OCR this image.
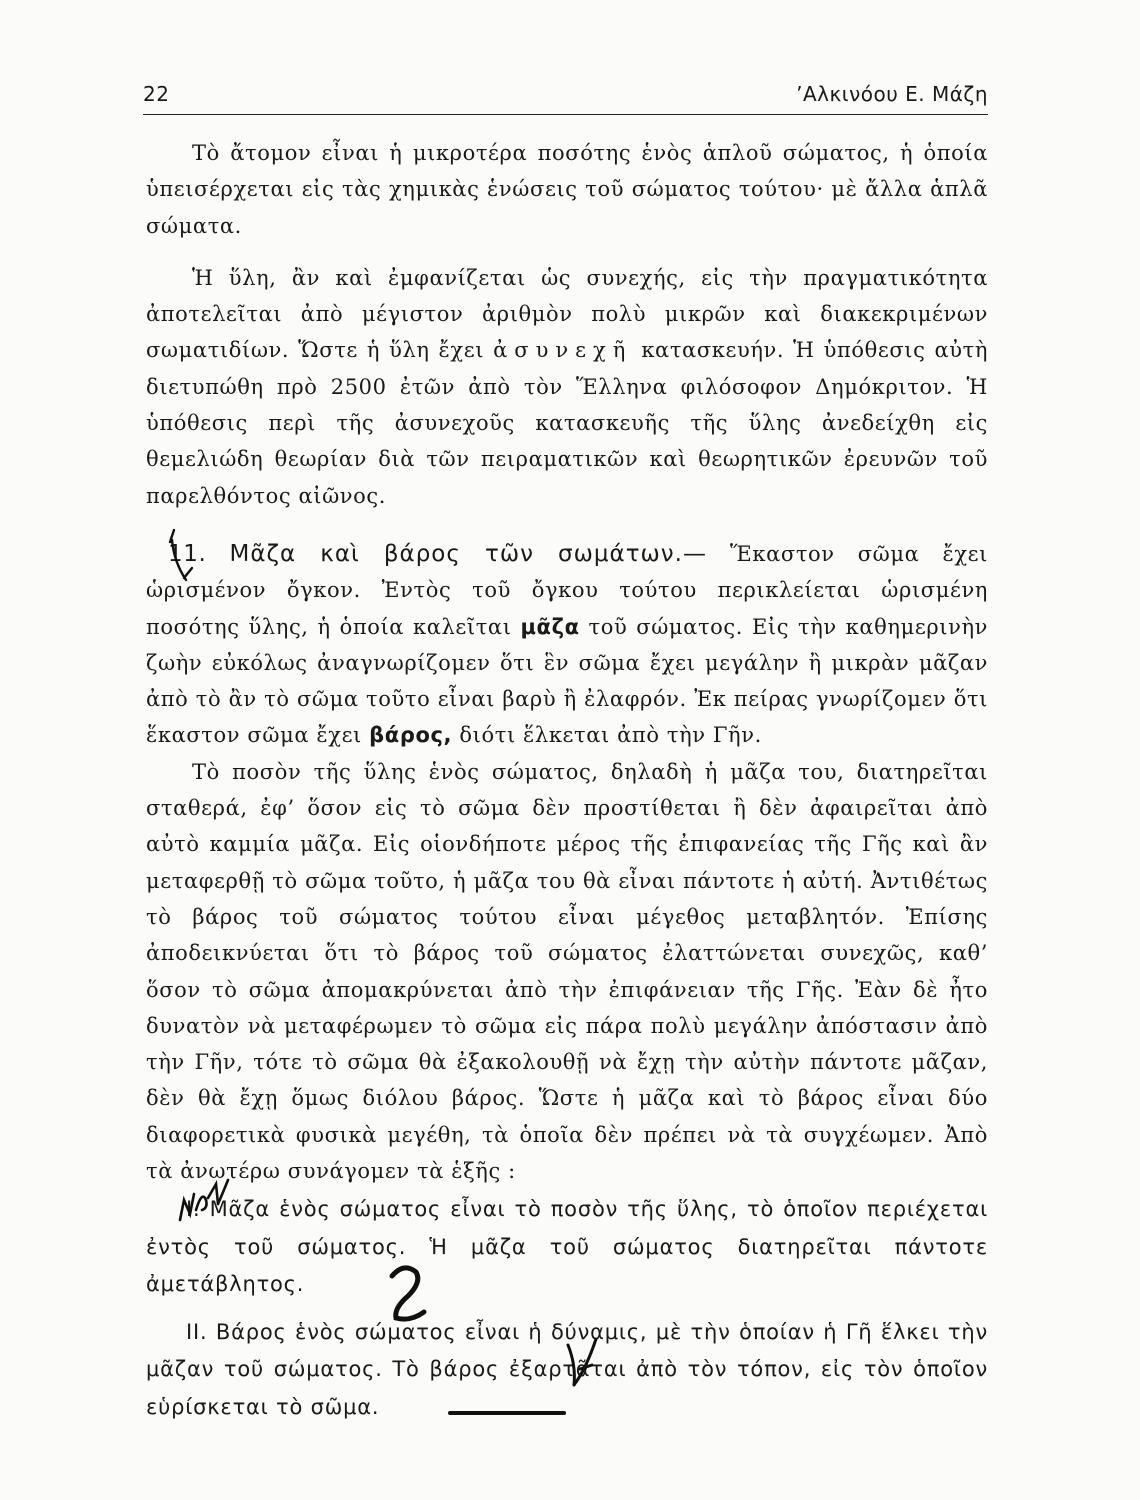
22	’Αλκινόου Ε. Μάζη

Τὸ ἄτομον εἶναι ἡ μικροτέρα ποσότης ἑνὸς ἁπλοῦ σώματος, ἡ ὁποία ὑπεισέρχεται εἰς τὰς χημικὰς ἑνώσεις τοῦ σώματος τούτου· μὲ ἄλλα ἁπλᾶ σώματα.

Ἡ ὕλη, ἂν καὶ ἐμφανίζεται ὡς συνεχής, εἰς τὴν πραγματικότητα ἀποτελεῖται ἀπὸ μέγιστον ἀριθμὸν πολὺ μικρῶν καὶ διακεκριμένων σωματιδίων. Ὥστε ἡ ὕλη ἔχει ἀσυνεχῆ κατασκευήν. Ἡ ὑπόθεσις αὐτὴ διετυπώθη πρὸ 2500 ἐτῶν ἀπὸ τὸν Ἕλληνα φιλόσοφον Δημόκριτον. Ἡ ὑπόθεσις περὶ τῆς ἀσυνεχοῦς κατασκευῆς τῆς ὕλης ἀνεδείχθη εἰς θεμελιώδη θεωρίαν διὰ τῶν πειραματικῶν καὶ θεωρητικῶν ἐρευνῶν τοῦ παρελθόντος αἰῶνος.

11. Μᾶζα καὶ βάρος τῶν σωμάτων.— Ἕκαστον σῶμα ἔχει ὡρισμένον ὄγκον. Ἐντὸς τοῦ ὄγκου τούτου περικλείεται ὡρισμένη ποσότης ὕλης, ἡ ὁποία καλεῖται μᾶζα τοῦ σώματος. Εἰς τὴν καθημερινὴν ζωὴν εὐκόλως ἀναγνωρίζομεν ὅτι ἓν σῶμα ἔχει μεγάλην ἢ μικρὰν μᾶζαν ἀπὸ τὸ ἂν τὸ σῶμα τοῦτο εἶναι βαρὺ ἢ ἐλαφρόν. Ἐκ πείρας γνωρίζομεν ὅτι ἕκαστον σῶμα ἔχει βάρος, διότι ἕλκεται ἀπὸ τὴν Γῆν.

Τὸ ποσὸν τῆς ὕλης ἑνὸς σώματος, δηλαδὴ ἡ μᾶζα του, διατηρεῖται σταθερά, ἐφ’ ὅσον εἰς τὸ σῶμα δὲν προστίθεται ἢ δὲν ἀφαιρεῖται ἀπὸ αὐτὸ καμμία μᾶζα. Εἰς οἱονδήποτε μέρος τῆς ἐπιφανείας τῆς Γῆς καὶ ἂν μεταφερθῇ τὸ σῶμα τοῦτο, ἡ μᾶζα του θὰ εἶναι πάντοτε ἡ αὐτή. Ἀντιθέτως τὸ βάρος τοῦ σώματος τούτου εἶναι μέγεθος μεταβλητόν. Ἐπίσης ἀποδεικνύεται ὅτι τὸ βάρος τοῦ σώματος ἐλαττώνεται συνεχῶς, καθ’ ὅσον τὸ σῶμα ἀπομακρύνεται ἀπὸ τὴν ἐπιφάνειαν τῆς Γῆς. Ἐὰν δὲ ἦτο δυνατὸν νὰ μεταφέρωμεν τὸ σῶμα εἰς πάρα πολὺ μεγάλην ἀπόστασιν ἀπὸ τὴν Γῆν, τότε τὸ σῶμα θὰ ἐξακολουθῇ νὰ ἔχῃ τὴν αὐτὴν πάντοτε μᾶζαν, δὲν θὰ ἔχῃ ὅμως διόλου βάρος. Ὥστε ἡ μᾶζα καὶ τὸ βάρος εἶναι δύο διαφορετικὰ φυσικὰ μεγέθη, τὰ ὁποῖα δὲν πρέπει νὰ τὰ συγχέωμεν. Ἀπὸ τὰ ἀνωτέρω συνάγομεν τὰ ἑξῆς :

I. Μᾶζα ἑνὸς σώματος εἶναι τὸ ποσὸν τῆς ὕλης, τὸ ὁποῖον περιέχεται ἐντὸς τοῦ σώματος. Ἡ μᾶζα τοῦ σώματος διατηρεῖται πάντοτε ἀμετάβλητος.

II. Βάρος ἑνὸς σώματος εἶναι ἡ δύναμις, μὲ τὴν ὁποίαν ἡ Γῆ ἕλκει τὴν μᾶζαν τοῦ σώματος. Τὸ βάρος ἐξαρτᾶται ἀπὸ τὸν τόπον, εἰς τὸν ὁποῖον εὑρίσκεται τὸ σῶμα.
